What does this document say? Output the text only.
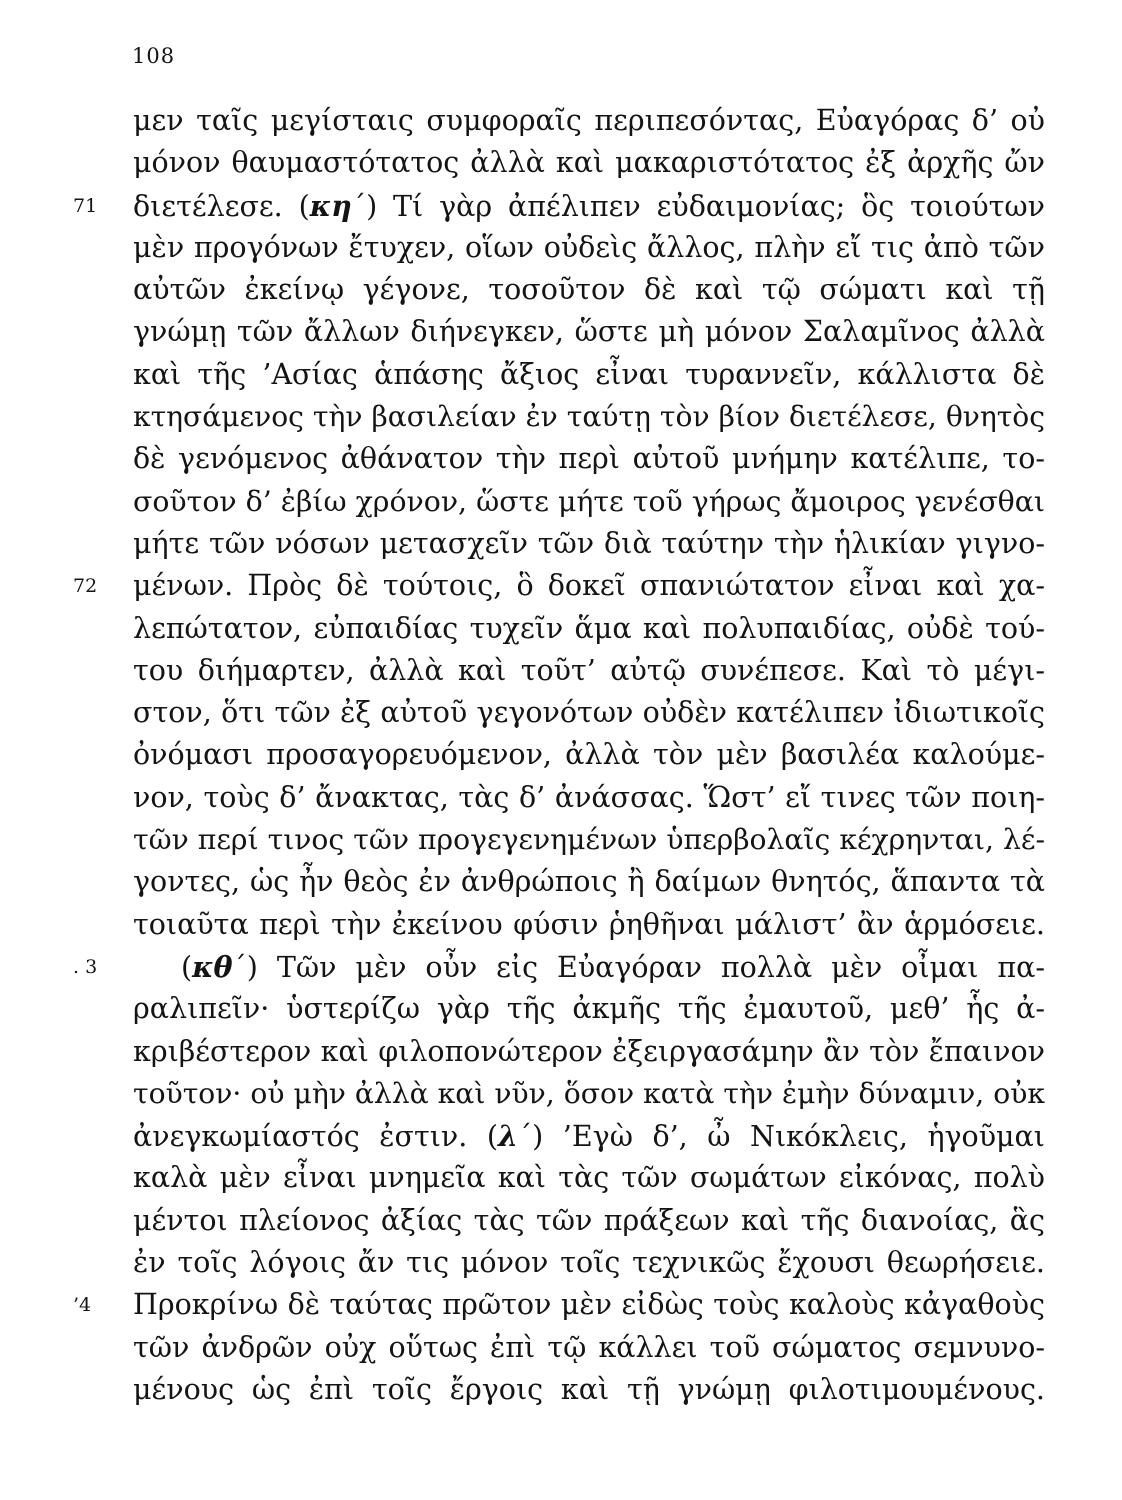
108
μεν ταῖς μεγίσταις συμφοραῖς περιπεσόντας, Εὐαγόρας δ’ οὐ
μόνον θαυμαστότατος ἀλλὰ καὶ μακαριστότατος ἐξ ἀρχῆς ὤν
71	διετέλεσε. (κη΄) Τί γὰρ ἀπέλιπεν εὐδαιμονίας; ὃς τοιούτων
μὲν προγόνων ἔτυχεν, οἵων οὐδεὶς ἄλλος, πλὴν εἴ τις ἀπὸ τῶν
αὐτῶν ἐκείνῳ γέγονε, τοσοῦτον δὲ καὶ τῷ σώματι καὶ τῇ
γνώμῃ τῶν ἄλλων διήνεγκεν, ὥστε μὴ μόνον Σαλαμῖνος ἀλλὰ
καὶ τῆς ’Ασίας ἁπάσης ἄξιος εἶναι τυραννεῖν, κάλλιστα δὲ
κτησάμενος τὴν βασιλείαν ἐν ταύτῃ τὸν βίον διετέλεσε, θνητὸς
δὲ γενόμενος ἀθάνατον τὴν περὶ αὐτοῦ μνήμην κατέλιπε, το-
σοῦτον δ’ ἐβίω χρόνον, ὥστε μήτε τοῦ γήρως ἄμοιρος γενέσθαι
μήτε τῶν νόσων μετασχεῖν τῶν διὰ ταύτην τὴν ἡλικίαν γιγνο-
72	μένων. Πρὸς δὲ τούτοις, ὃ δοκεῖ σπανιώτατον εἶναι καὶ χα-
λεπώτατον, εὐπαιδίας τυχεῖν ἅμα καὶ πολυπαιδίας, οὐδὲ τού-
του διήμαρτεν, ἀλλὰ καὶ τοῦτ’ αὐτῷ συνέπεσε. Καὶ τὸ μέγι-
στον, ὅτι τῶν ἐξ αὐτοῦ γεγονότων οὐδὲν κατέλιπεν ἰδιωτικοῖς
ὀνόμασι προσαγορευόμενον, ἀλλὰ τὸν μὲν βασιλέα καλούμε-
νον, τοὺς δ’ ἄνακτας, τὰς δ’ ἀνάσσας. Ὥστ’ εἴ τινες τῶν ποιη-
τῶν περί τινος τῶν προγεγενημένων ὑπερβολαῖς κέχρηνται, λέ-
γοντες, ὡς ἦν θεὸς ἐν ἀνθρώποις ἢ δαίμων θνητός, ἅπαντα τὰ
τοιαῦτα περὶ τὴν ἐκείνου φύσιν ῥηθῆναι μάλιστ’ ἂν ἁρμόσειε.
. 3	(κθ΄) Τῶν μὲν οὖν εἰς Εὐαγόραν πολλὰ μὲν οἶμαι πα-
ραλιπεῖν· ὑστερίζω γὰρ τῆς ἀκμῆς τῆς ἐμαυτοῦ, μεθ’ ἧς ἀ-
κριβέστερον καὶ φιλοπονώτερον ἐξειργασάμην ἂν τὸν ἔπαινον
τοῦτον· οὐ μὴν ἀλλὰ καὶ νῦν, ὅσον κατὰ τὴν ἐμὴν δύναμιν, οὐκ
ἀνεγκωμίαστός ἐστιν. (λ΄) ’Εγὼ δ’, ὦ Νικόκλεις, ἡγοῦμαι
καλὰ μὲν εἶναι μνημεῖα καὶ τὰς τῶν σωμάτων εἰκόνας, πολὺ
μέντοι πλείονος ἀξίας τὰς τῶν πράξεων καὶ τῆς διανοίας, ἃς
ἐν τοῖς λόγοις ἄν τις μόνον τοῖς τεχνικῶς ἔχουσι θεωρήσειε.
’4	Προκρίνω δὲ ταύτας πρῶτον μὲν εἰδὼς τοὺς καλοὺς κἀγαθοὺς
τῶν ἀνδρῶν οὐχ οὕτως ἐπὶ τῷ κάλλει τοῦ σώματος σεμνυνο-
μένους ὡς ἐπὶ τοῖς ἔργοις καὶ τῇ γνώμῃ φιλοτιμουμένους.
